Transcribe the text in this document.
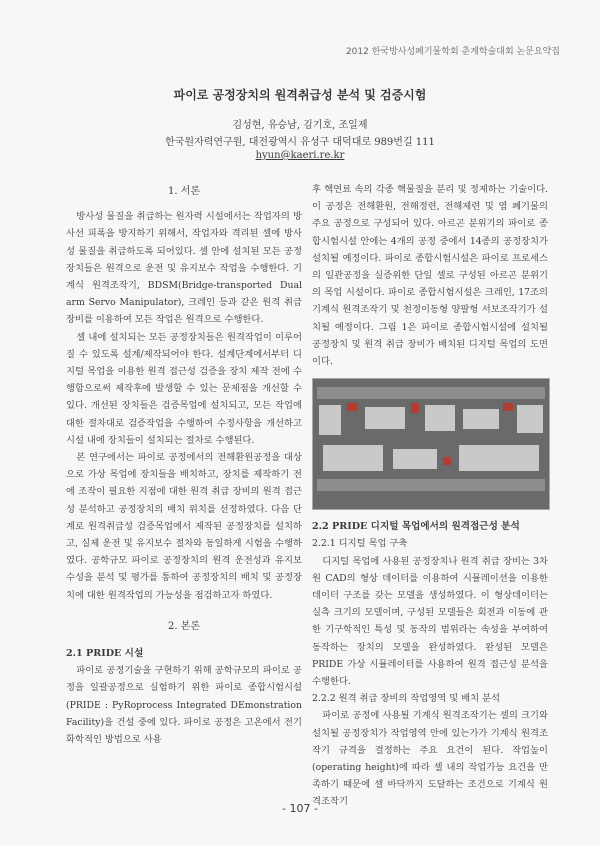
2012 한국방사성폐기물학회 춘계학술대회 논문요약집
파이로 공정장치의 원격취급성 분석 및 검증시험
김성현, 유승남, 김기호, 조일제
한국원자력연구원, 대전광역시 유성구 대덕대로 989번길 111
hyun@kaeri.re.kr
1. 서론

방사성 물질을 취급하는 원자력 시설에서는 작업자의 방사선 피폭을 방지하기 위해서, 작업자와 격리된 셀에 방사성 물질을 취급하도록 되어있다. 셀 안에 설치된 모든 공정장치들은 원격으로 운전 및 유지보수 작업을 수행한다. 기계식 원격조작기, BDSM(Bridge-transported Dual arm Servo Manipulator), 크레인 등과 같은 원격 취급 장비를 이용하여 모든 작업은 원격으로 수행한다.

셀 내에 설치되는 모든 공정장치들은 원격작업이 이루어 질 수 있도록 설계/제작되어야 한다. 설계단계에서부터 디지털 목업을 이용한 원격 접근성 검증을 장치 제작 전에 수행함으로써 제작후에 발생할 수 있는 문제점을 개선할 수 있다. 개선된 장치들은 검증목업에 설치되고, 모든 작업에 대한 절차대로 검증작업을 수행하여 수정사항을 개선하고 시설 내에 장치들이 설치되는 절차로 수행된다.

본 연구에서는 파이로 공정에서의 전해환원공정을 대상으로 가상 목업에 장치들을 배치하고, 장치를 제작하기 전에 조작이 필요한 지점에 대한 원격 취급 장비의 원격 접근성 분석하고 공정장치의 배치 위치를 선정하였다. 다음 단계로 원격취급성 검증목업에서 제작된 공정장치를 설치하고, 실제 운전 및 유지보수 절차와 동일하게 시험을 수행하였다. 공학규모 파이로 공정장치의 원격 운전성과 유지보수성을 분석 및 평가를 통하여 공정장치의 배치 및 공정장치에 대한 원격작업의 가능성을 점검하고자 하였다.

2. 본론
2.1 PRIDE 시설

파이로 공정기술을 구현하기 위해 공학규모의 파이로 공정을 일괄공정으로 실험하기 위한 파이로 종합시험시설(PRIDE : PyRoprocess Integrated DEmonstration Facility)을 건설 중에 있다. 파이로 공정은 고온에서 전기화학적인 방법으로 사용

후 핵연료 속의 각종 핵물질을 분리 및 정제하는 기술이다. 이 공정은 전해환원, 전해정련, 전해제련 및 염 폐기물의 주요 공정으로 구성되어 있다. 아르곤 분위기의 파이로 종합시험시설 안에는 4개의 공정 중에서 14종의 공정장치가 설치될 예정이다. 파이로 종합시험시설은 파이로 프로세스의 일관공정을 실증위한 단일 셀로 구성된 아르곤 분위기의 목업 시설이다. 파이로 종합시험시설은 크레인, 17조의 기계식 원격조작기 및 천정이동형 양팔형 서보조작기가 설치될 예정이다. 그림 1은 파이로 종합시험시설에 설치될 공정장치 및 원격 취급 장비가 배치된 디지털 목업의 도면이다.

2.2 PRIDE 디지털 목업에서의 원격접근성 분석
2.2.1 디지털 목업 구축

디지털 목업에 사용된 공정장치나 원격 취급 장비는 3차원 CAD의 형상 데이터를 이용하여 시뮬레이션을 이용한 데이터 구조를 갖는 모델을 생성하였다. 이 형상데이터는 실측 크기의 모델이며, 구성된 모델들은 회전과 이동에 관한 기구학적인 특성 및 동작의 범위라는 속성을 부여하여 동작하는 장치의 모델을 완성하였다. 완성된 모델은 PRIDE 가상 시뮬레이터를 사용하여 원격 접근성 분석을 수행한다.

2.2.2 원격 취급 장비의 작업영역 및 배치 분석

파이로 공정에 사용될 기계식 원격조작기는 셀의 크기와 설치될 공정장치가 작업영역 안에 있는가가 기계식 원격조작기 규격을 결정하는 주요 요건이 된다. 작업높이(operating height)에 따라 셀 내의 작업가능 요건을 만족하기 때문에 셀 바닥까지 도달하는 조건으로 기계식 원격조작기

- 107 -
